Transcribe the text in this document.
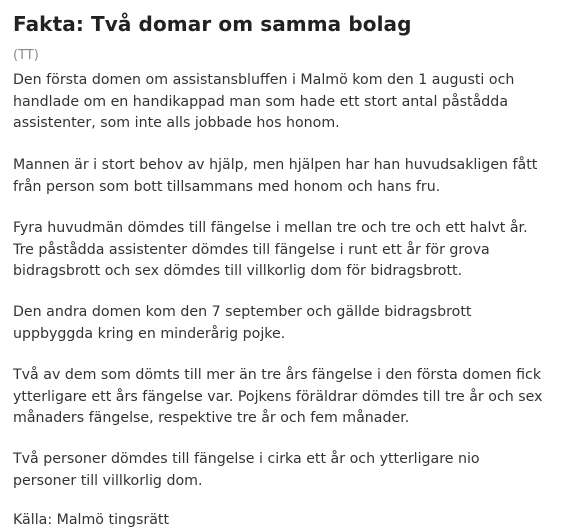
Fakta: Två domar om samma bolag
(TT)

Den första domen om assistansbluffen i Malmö kom den 1 augusti och
handlade om en handikappad man som hade ett stort antal påstådda
assistenter, som inte alls jobbade hos honom.

Mannen är i stort behov av hjälp, men hjälpen har han huvudsakligen fått
från person som bott tillsammans med honom och hans fru.

Fyra huvudmän dömdes till fängelse i mellan tre och tre och ett halvt år.
Tre påstådda assistenter dömdes till fängelse i runt ett år för grova
bidragsbrott och sex dömdes till villkorlig dom för bidragsbrott.

Den andra domen kom den 7 september och gällde bidragsbrott
uppbyggda kring en minderårig pojke.

Två av dem som dömts till mer än tre års fängelse i den första domen fick
ytterligare ett års fängelse var. Pojkens föräldrar dömdes till tre år och sex
månaders fängelse, respektive tre år och fem månader.

Två personer dömdes till fängelse i cirka ett år och ytterligare nio
personer till villkorlig dom.

Källa: Malmö tingsrätt
